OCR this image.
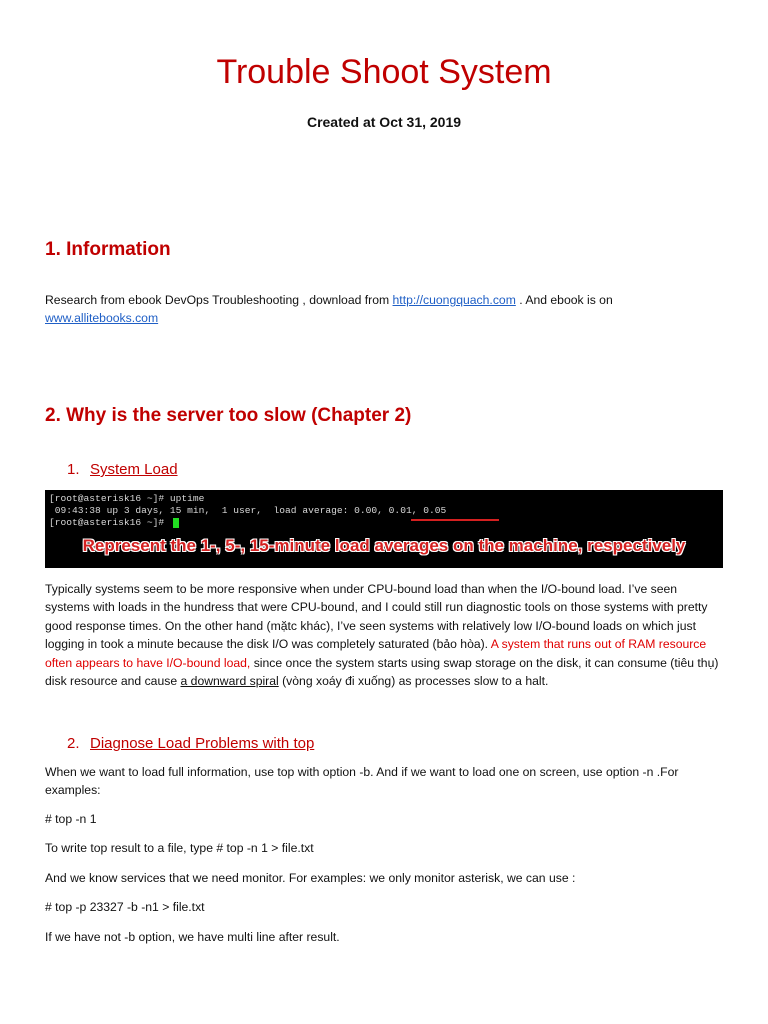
Trouble Shoot System

Created at Oct 31, 2019

1. Information

Research from ebook DevOps Troubleshooting , download from http://cuongquach.com . And ebook is on
www.allitebooks.com

2. Why is the server too slow (Chapter 2)
1. System Load

[root@asterisk16 ~]# uptime

09:43:38 up 3 days, 15 min,  1 user,  load average: 0.00, 0.01, 0.05

[root@asterisk16 ~]#

Represent the 1-, 5-, 15-minute load averages on the machine, respectively

Typically systems seem to be more responsive when under CPU-bound load than when the I/O-bound load. I’ve seen systems with loads in the hundress that were CPU-bound, and I could still run diagnostic tools on those systems with pretty good response times. On the other hand (mặtc khác), I’ve seen systems with relatively low I/O-bound loads on which just logging in took a minute because the disk I/O was completely saturated (bảo hòa). A system that runs out of RAM resource often appears to have I/O-bound load, since once the system starts using swap storage on the disk, it can consume (tiêu thụ) disk resource and cause a downward spiral (vòng xoáy đi xuống) as processes slow to a halt.

2. Diagnose Load Problems with top

When we want to load full information, use top with option -b. And if we want to load one on screen, use option -n .For examples:

# top -n 1

To write top result to a file, type # top -n 1 > file.txt

And we know services that we need monitor. For examples: we only monitor asterisk, we can use :

# top -p 23327 -b -n1 > file.txt

If we have not -b option, we have multi line after result.
